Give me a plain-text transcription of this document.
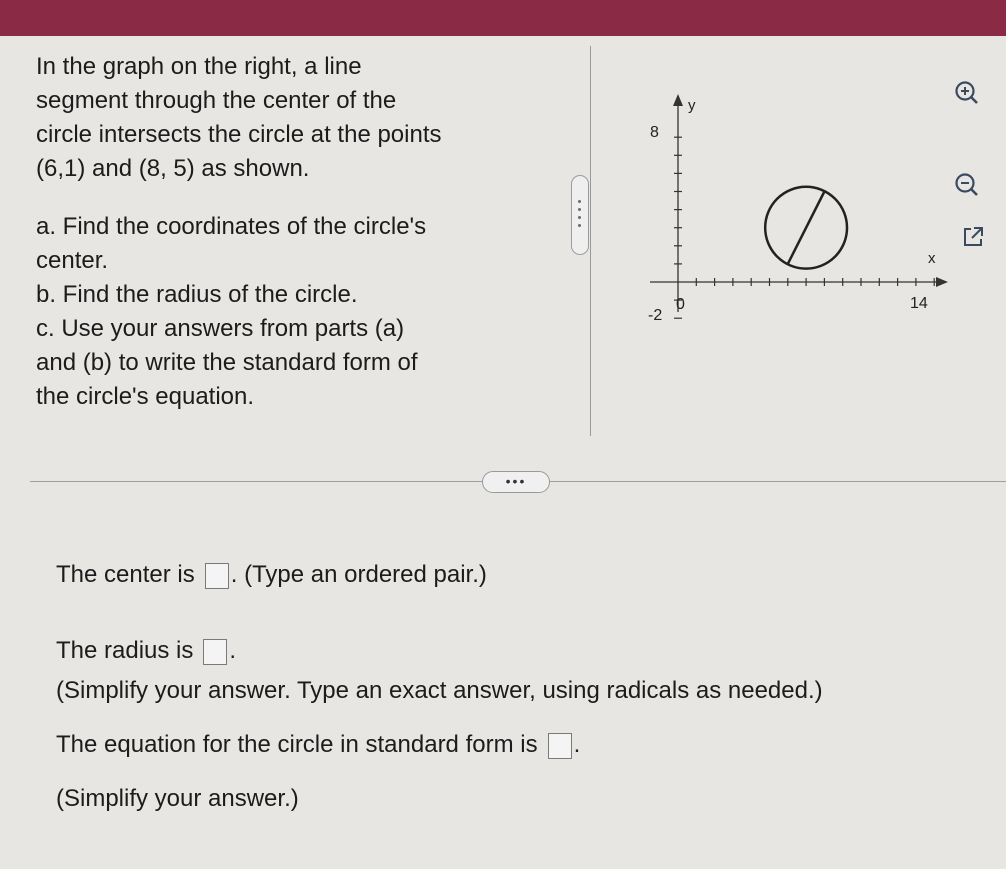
In the graph on the right, a line

segment through the center of the

circle intersects the circle at the points

(6,1) and (8, 5) as shown.

a. Find the coordinates of the circle's

center.

b. Find the radius of the circle.

c. Use your answers from parts (a)

and (b) to write the standard form of

the circle's equation.

y
x
8
-2
0	14
•••
The center is . (Type an ordered pair.)
The radius is .
(Simplify your answer. Type an exact answer, using radicals as needed.)
The equation for the circle in standard form is .
(Simplify your answer.)
